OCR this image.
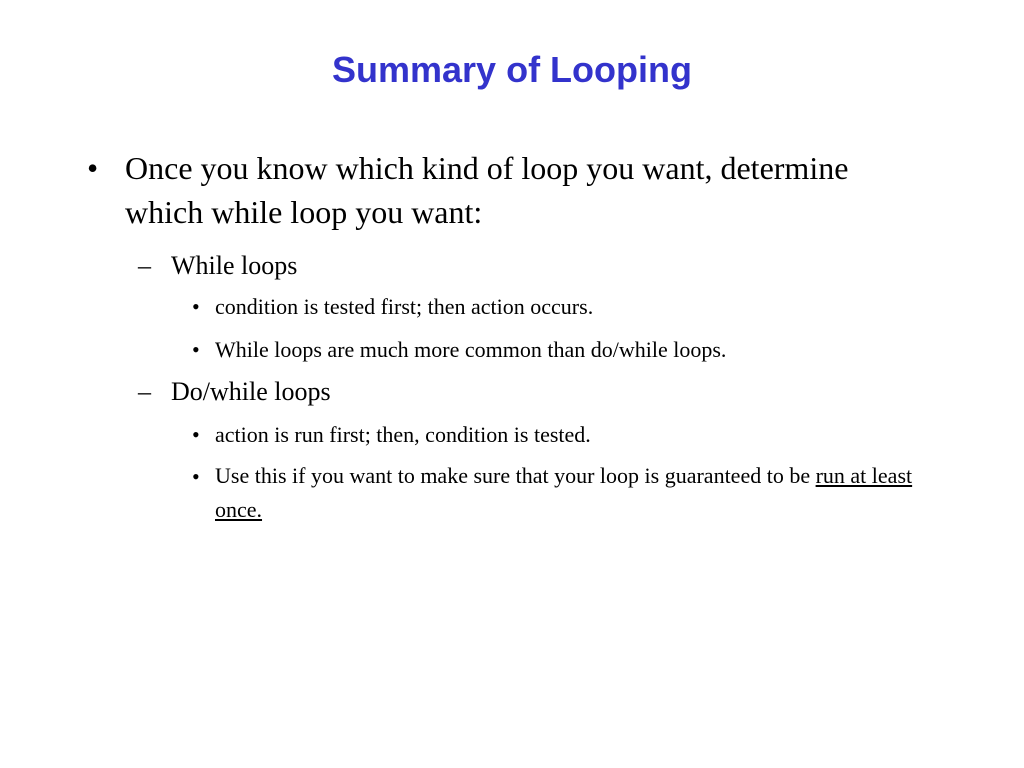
Summary of Looping
• Once you know which kind of loop you want, determine which while loop you want:
– While loops
• condition is tested first; then action occurs.
• While loops are much more common than do/while loops.
– Do/while loops
• action is run first; then, condition is tested.
• Use this if you want to make sure that your loop is guaranteed to be run at least once.
